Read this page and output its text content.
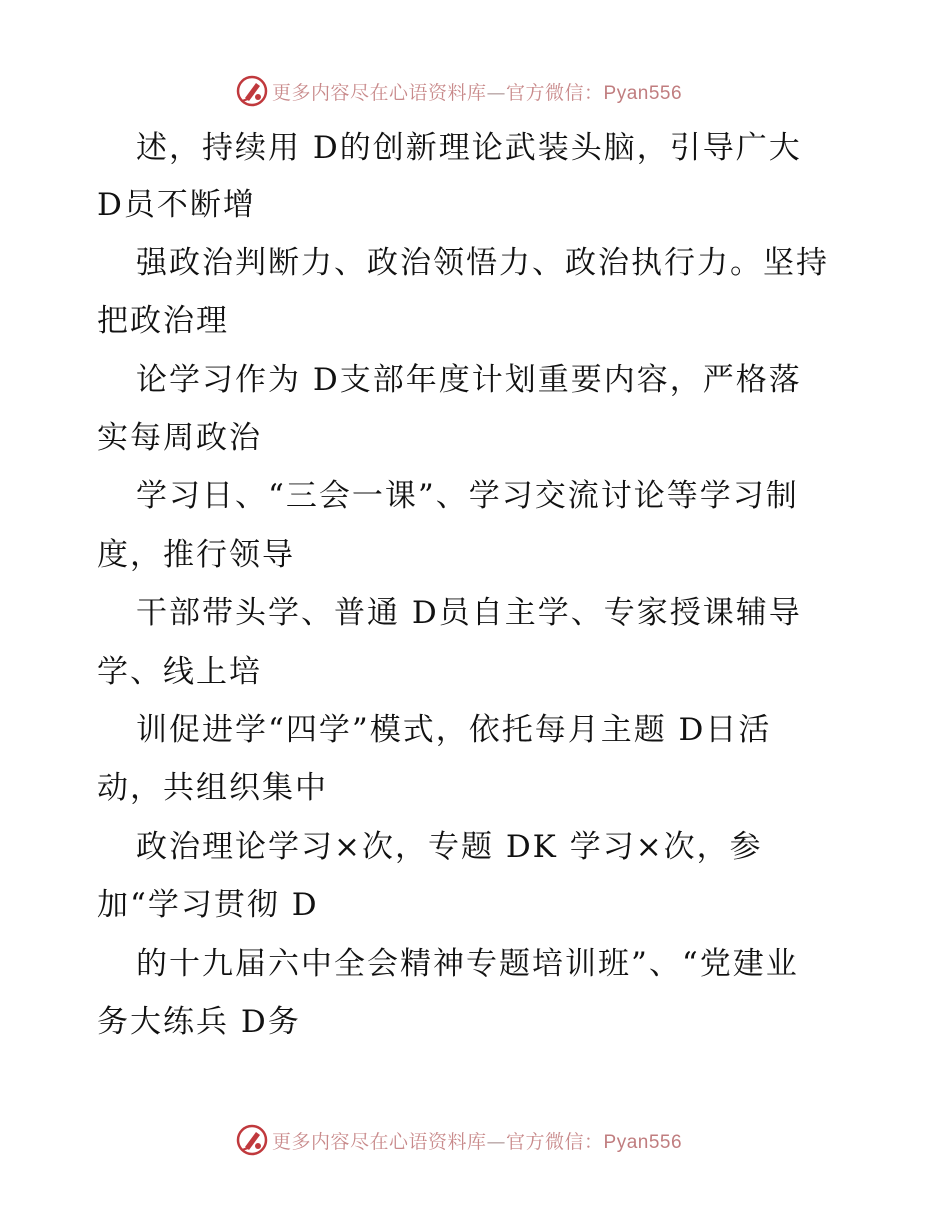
更多内容尽在心语资料库—官方微信：Pyan556
述，持续用 D的创新理论武装头脑，引导广大
D员不断增
强政治判断力、政治领悟力、政治执行力。坚持
把政治理
论学习作为 D支部年度计划重要内容，严格落
实每周政治
学习日、“三会一课”、学习交流讨论等学习制
度，推行领导
干部带头学、普通 D员自主学、专家授课辅导
学、线上培
训促进学“四学”模式，依托每月主题 D日活
动，共组织集中
政治理论学习×次，专题 DK 学习×次，参
加“学习贯彻 D
的十九届六中全会精神专题培训班”、“党建业
务大练兵 D务
更多内容尽在心语资料库—官方微信：Pyan556
